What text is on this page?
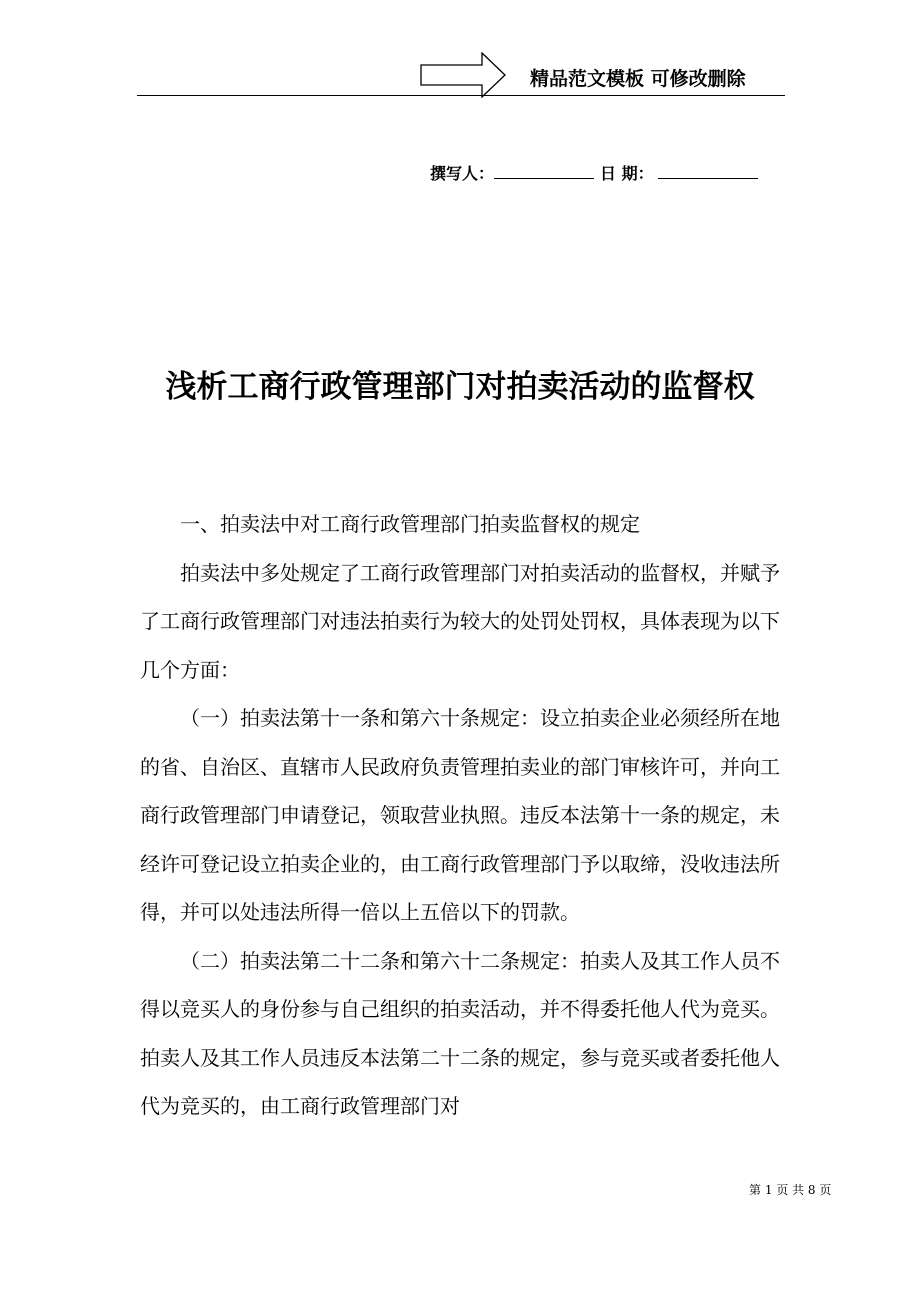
精品范文模板 可修改删除
撰写人：	日 期：
浅析工商行政管理部门对拍卖活动的监督权

一、拍卖法中对工商行政管理部门拍卖监督权的规定

拍卖法中多处规定了工商行政管理部门对拍卖活动的监督权，并赋予了工商行政管理部门对违法拍卖行为较大的处罚处罚权，具体表现为以下几个方面：

（一）拍卖法第十一条和第六十条规定：设立拍卖企业必须经所在地的省、自治区、直辖市人民政府负责管理拍卖业的部门审核许可，并向工商行政管理部门申请登记，领取营业执照。违反本法第十一条的规定，未经许可登记设立拍卖企业的，由工商行政管理部门予以取缔，没收违法所得，并可以处违法所得一倍以上五倍以下的罚款。

（二）拍卖法第二十二条和第六十二条规定：拍卖人及其工作人员不得以竞买人的身份参与自己组织的拍卖活动，并不得委托他人代为竞买。拍卖人及其工作人员违反本法第二十二条的规定，参与竞买或者委托他人代为竞买的，由工商行政管理部门对

第 1 页 共 8 页
